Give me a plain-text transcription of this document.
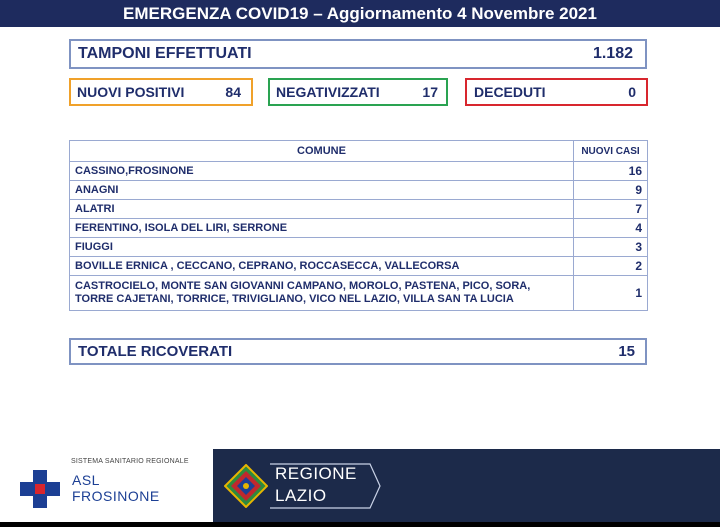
EMERGENZA COVID19 – Aggiornamento 4 Novembre 2021
TAMPONI EFFETTUATI	1.182
NUOVI POSITIVI	84	NEGATIVIZZATI	17	DECEDUTI	0
COMUNE	NUOVI CASI
CASSINO,FROSINONE	16
ANAGNI	9
ALATRI	7
FERENTINO, ISOLA DEL LIRI, SERRONE	4
FIUGGI	3
BOVILLE ERNICA , CECCANO, CEPRANO, ROCCASECCA, VALLECORSA	2

CASTROCIELO, MONTE SAN GIOVANNI CAMPANO, MOROLO, PASTENA, PICO, SORA,
TORRE CAJETANI, TORRICE, TRIVIGLIANO, VICO NEL LAZIO, VILLA SAN TA LUCIA	1
TOTALE RICOVERATI	15
SISTEMA SANITARIO REGIONALE
ASL
FROSINONE
REGIONE
LAZIO
